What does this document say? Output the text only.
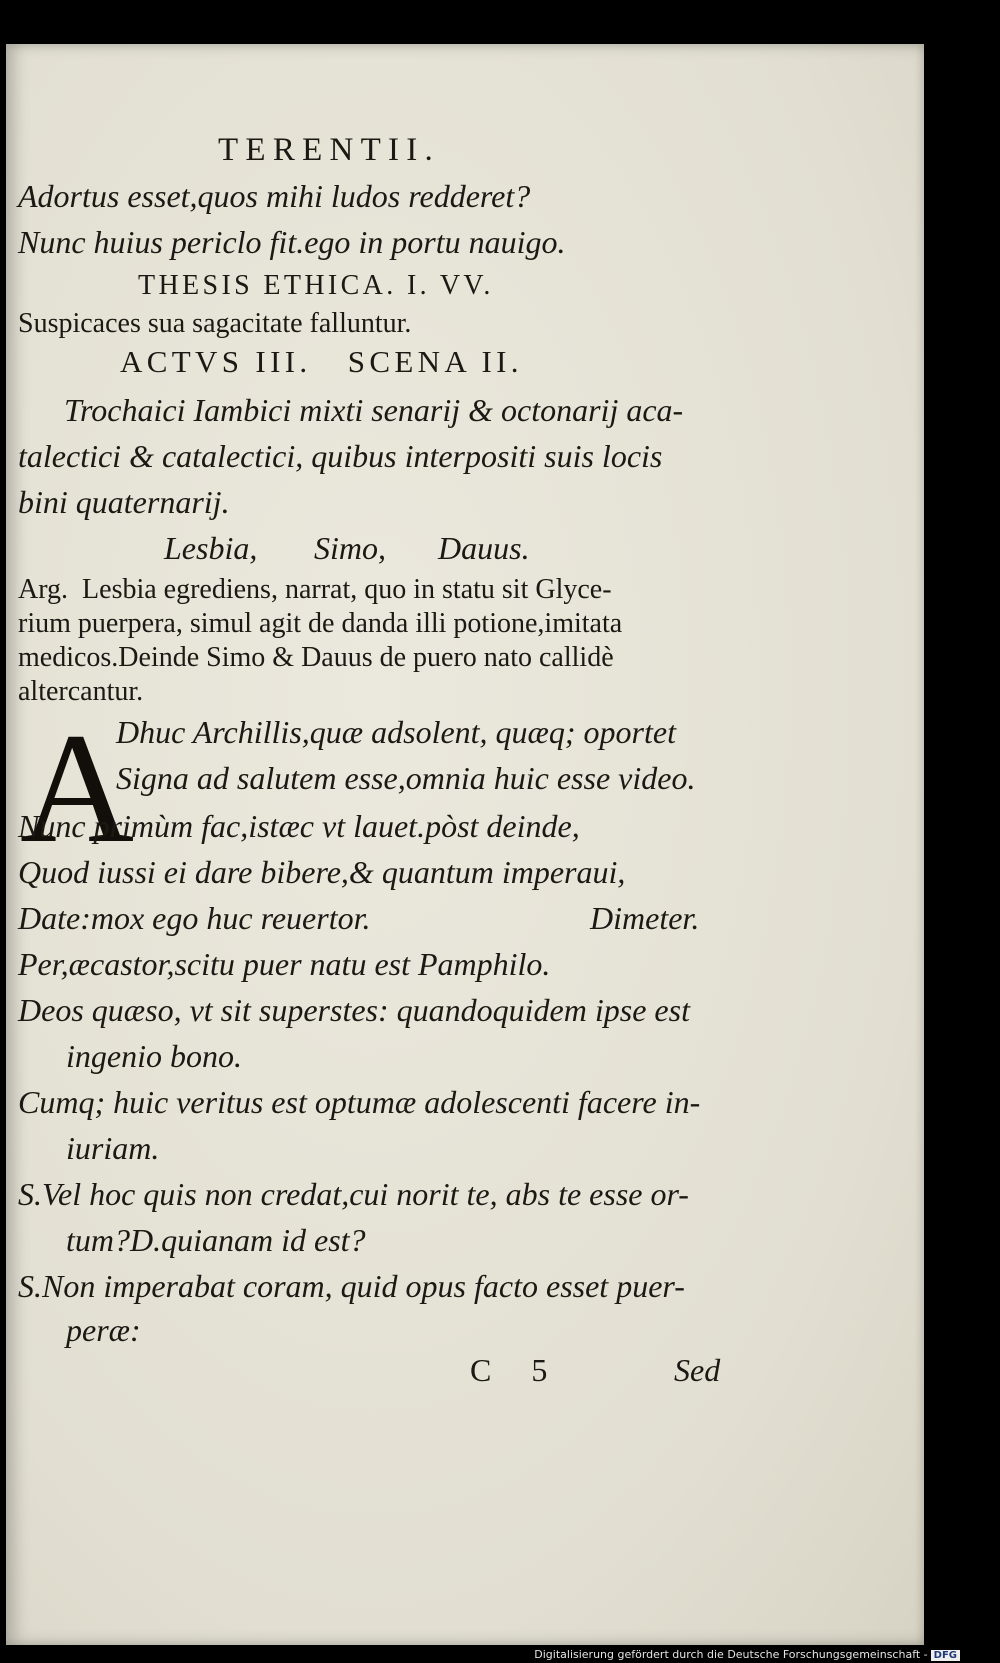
TERENTII.
Adortus esset,quos mihi ludos redderet?
Nunc huius periclo fit.ego in portu nauigo.
THESIS ETHICA. I. VV.
Suspicaces sua sagacitate falluntur.
ACTVS III.   SCENA II.
Trochaici Iambici mixti senarij & octonarij aca-
talectici & catalectici, quibus interpositi suis locis
bini quaternarij.
Lesbia, Simo, Dauus.
Arg.  Lesbia egrediens, narrat, quo in statu sit Glyce-
rium puerpera, simul agit de danda illi potione,imitata
medicos.Deinde Simo & Dauus de puero nato callidè
altercantur.
A
Dhuc Archillis,quæ adsolent, quæq; oportet
Signa ad salutem esse,omnia huic esse video.
Nunc primùm fac,istæc vt lauet.pòst deinde,
Quod iussi ei dare bibere,& quantum imperaui,
Date:mox ego huc reuertor.	Dimeter.
Per,æcastor,scitu puer natu est Pamphilo.
Deos quæso, vt sit superstes: quandoquidem ipse est
ingenio bono.
Cumq; huic veritus est optumæ adolescenti facere in-
iuriam.
S.Vel hoc quis non credat,cui norit te, abs te esse or-
tum?D.quianam id est?
S.Non imperabat coram, quid opus facto esset puer-
peræ:
C 5	Sed
Digitalisierung gefördert durch die Deutsche Forschungsgemeinschaft - DFG
